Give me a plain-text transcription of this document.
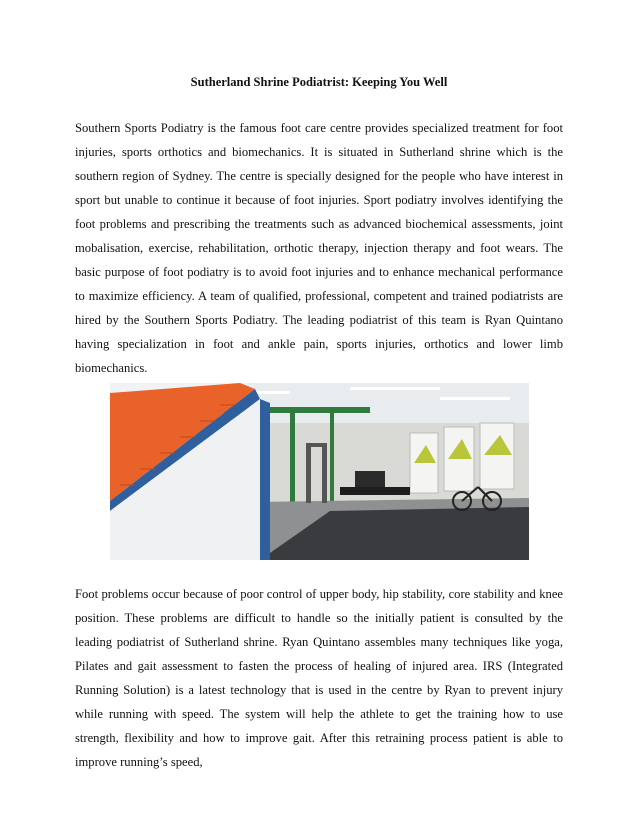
Sutherland Shrine Podiatrist: Keeping You Well

Southern Sports Podiatry is the famous foot care centre provides specialized treatment for foot injuries, sports orthotics and biomechanics. It is situated in Sutherland shrine which is the southern region of Sydney. The centre is specially designed for the people who have interest in sport but unable to continue it because of foot injuries. Sport podiatry involves identifying the foot problems and prescribing the treatments such as advanced biochemical assessments, joint mobalisation, exercise, rehabilitation, orthotic therapy, injection therapy and foot wears. The basic purpose of foot podiatry is to avoid foot injuries and to enhance mechanical performance to maximize efficiency. A team of qualified, professional, competent and trained podiatrists are hired by the Southern Sports Podiatry. The leading podiatrist of this team is Ryan Quintano having specialization in foot and ankle pain, sports injuries, orthotics and lower limb biomechanics.

Foot problems occur because of poor control of upper body, hip stability, core stability and knee position. These problems are difficult to handle so the initially patient is consulted by the leading podiatrist of Sutherland shrine. Ryan Quintano assembles many techniques like yoga, Pilates and gait assessment to fasten the process of healing of injured area. IRS (Integrated Running Solution) is a latest technology that is used in the centre by Ryan to prevent injury while running with speed. The system will help the athlete to get the training how to use strength, flexibility and how to improve gait. After this retraining process patient is able to improve running’s speed,
